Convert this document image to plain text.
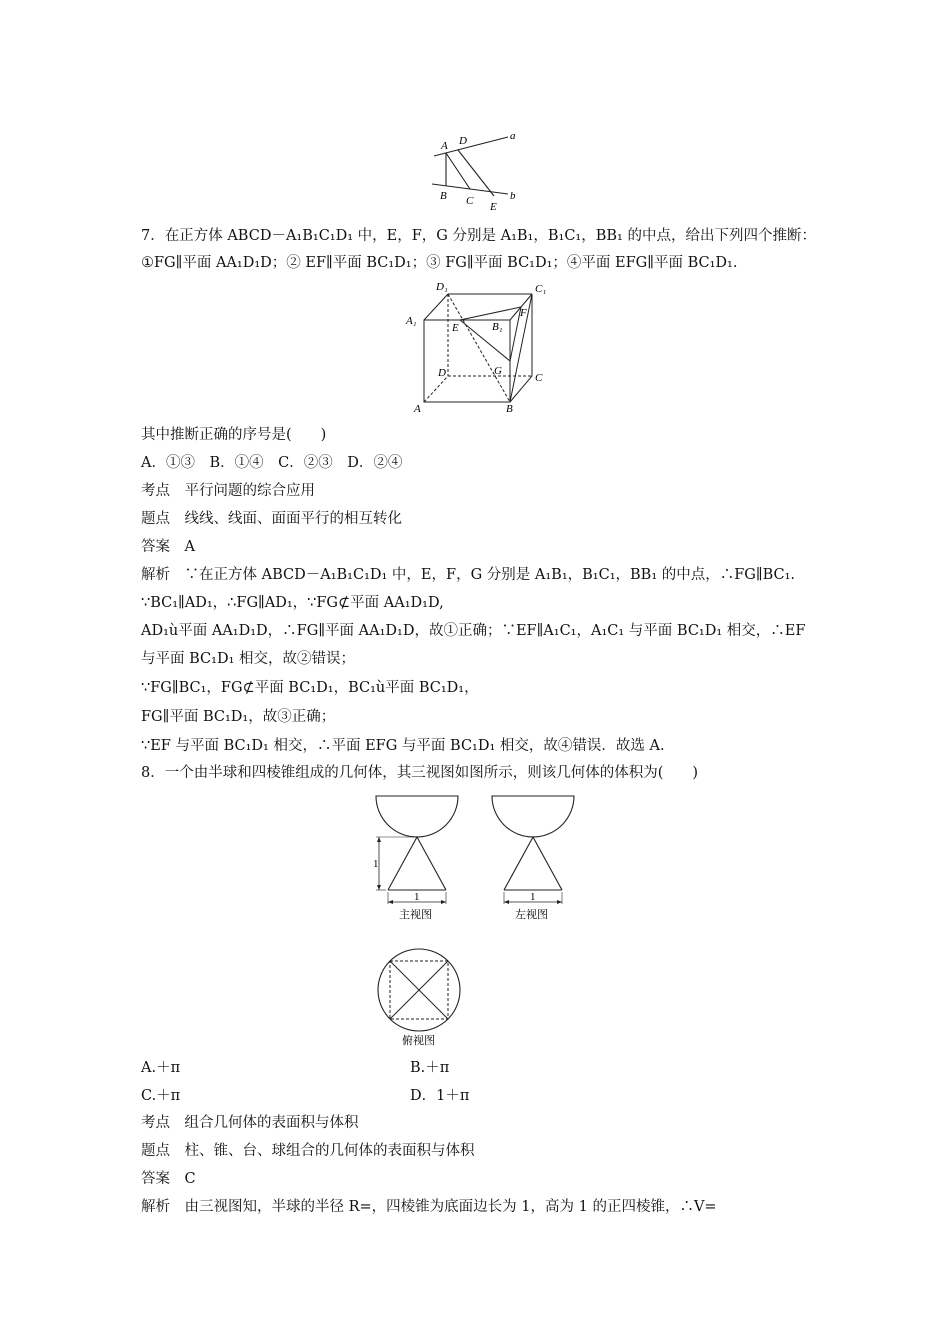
A D	a
B C E
b
7．在正方体 ABCD－A₁B₁C₁D₁ 中，E，F，G 分别是 A₁B₁，B₁C₁，BB₁ 的中点，给出下列四个推断：
①FG∥平面 AA₁D₁D；② EF∥平面 BC₁D₁；③ FG∥平面 BC₁D₁；④平面 EFG∥平面 BC₁D₁.
D₁	C₁
A₁
E	B₁
F
D	G
C
A	B
其中推断正确的序号是(　　)
A．①③　B．①④　C．②③　D．②④
考点　平行问题的综合应用
题点　线线、线面、面面平行的相互转化
答案　A
解析　∵在正方体 ABCD－A₁B₁C₁D₁ 中，E，F，G 分别是 A₁B₁，B₁C₁，BB₁ 的中点，∴FG∥BC₁.
∵BC₁∥AD₁，∴FG∥AD₁，∵FG⊄平面 AA₁D₁D,
AD₁ù平面 AA₁D₁D，∴FG∥平面 AA₁D₁D，故①正确；∵EF∥A₁C₁，A₁C₁ 与平面 BC₁D₁ 相交，∴EF
与平面 BC₁D₁ 相交，故②错误；
∵FG∥BC₁，FG⊄平面 BC₁D₁，BC₁ù平面 BC₁D₁，
FG∥平面 BC₁D₁，故③正确；
∵EF 与平面 BC₁D₁ 相交，∴平面 EFG 与平面 BC₁D₁ 相交，故④错误．故选 A.
8．一个由半球和四棱锥组成的几何体，其三视图如图所示，则该几何体的体积为(　　)
1
1
主视图
1
左视图
俯视图
A.＋π	B.＋π
C.＋π	D．1＋π
考点　组合几何体的表面积与体积
题点　柱、锥、台、球组合的几何体的表面积与体积
答案　C
解析　由三视图知，半球的半径 R=，四棱锥为底面边长为 1，高为 1 的正四棱锥，∴V=
